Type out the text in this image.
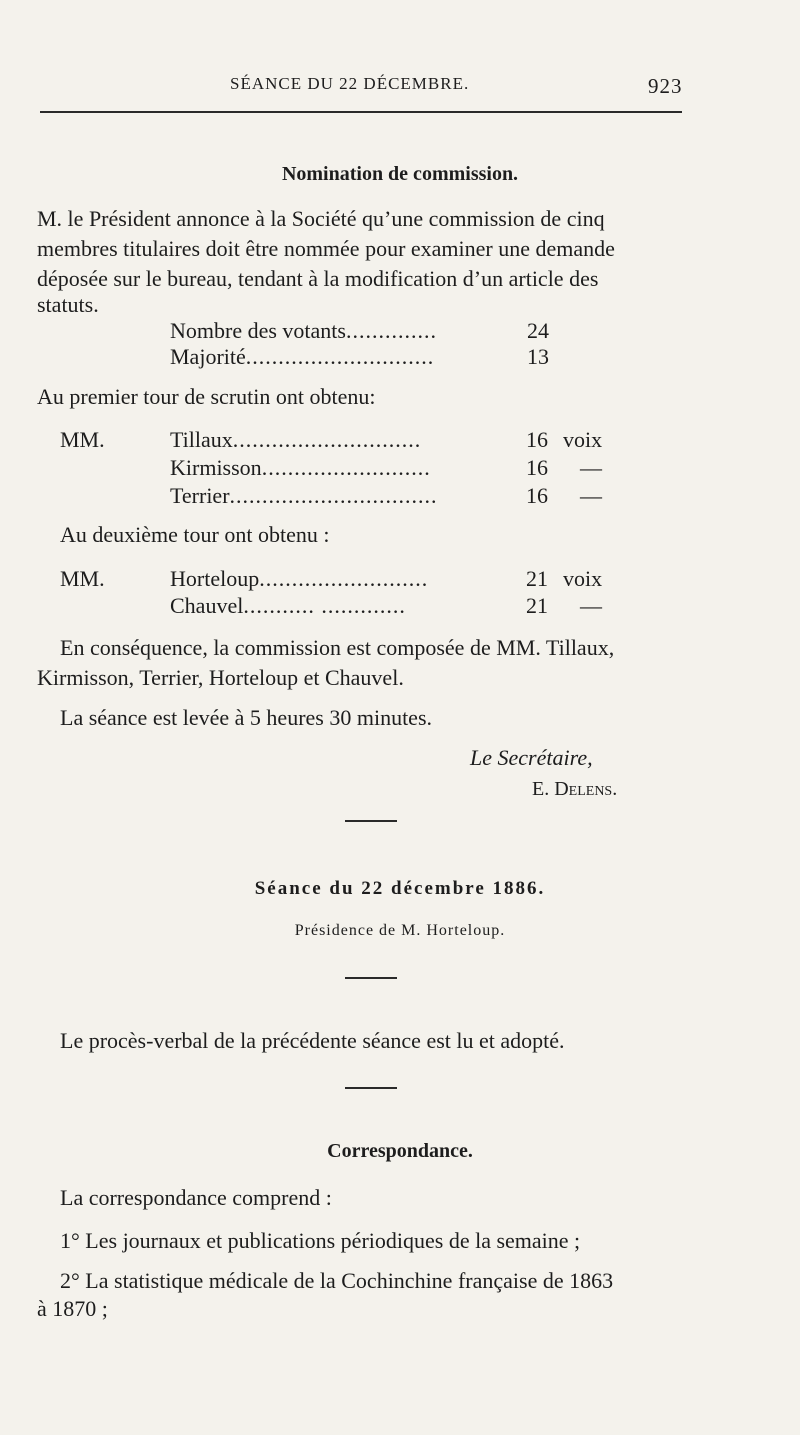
SÉANCE DU 22 DÉCEMBRE.	923
Nomination de commission.
M. le Président annonce à la Société qu’une commission de cinq
membres titulaires doit être nommée pour examiner une demande
déposée sur le bureau, tendant à la modification d’un article des
statuts.
Nombre des votants..............	24
Majorité.............................	13
Au premier tour de scrutin ont obtenu:
MM.	Tillaux.............................	16 voix
Kirmisson..........................	16 —
Terrier................................	16 —
Au deuxième tour ont obtenu :
MM.	Horteloup..........................	21 voix
Chauvel........... .............	21 —
En conséquence, la commission est composée de MM. Tillaux,
Kirmisson, Terrier, Horteloup et Chauvel.
La séance est levée à 5 heures 30 minutes.
Le Secrétaire,
E. Delens.
Séance du 22 décembre 1886.
Présidence de M. Horteloup.
Le procès-verbal de la précédente séance est lu et adopté.
Correspondance.
La correspondance comprend :
1° Les journaux et publications périodiques de la semaine ;
2° La statistique médicale de la Cochinchine française de 1863
à 1870 ;
